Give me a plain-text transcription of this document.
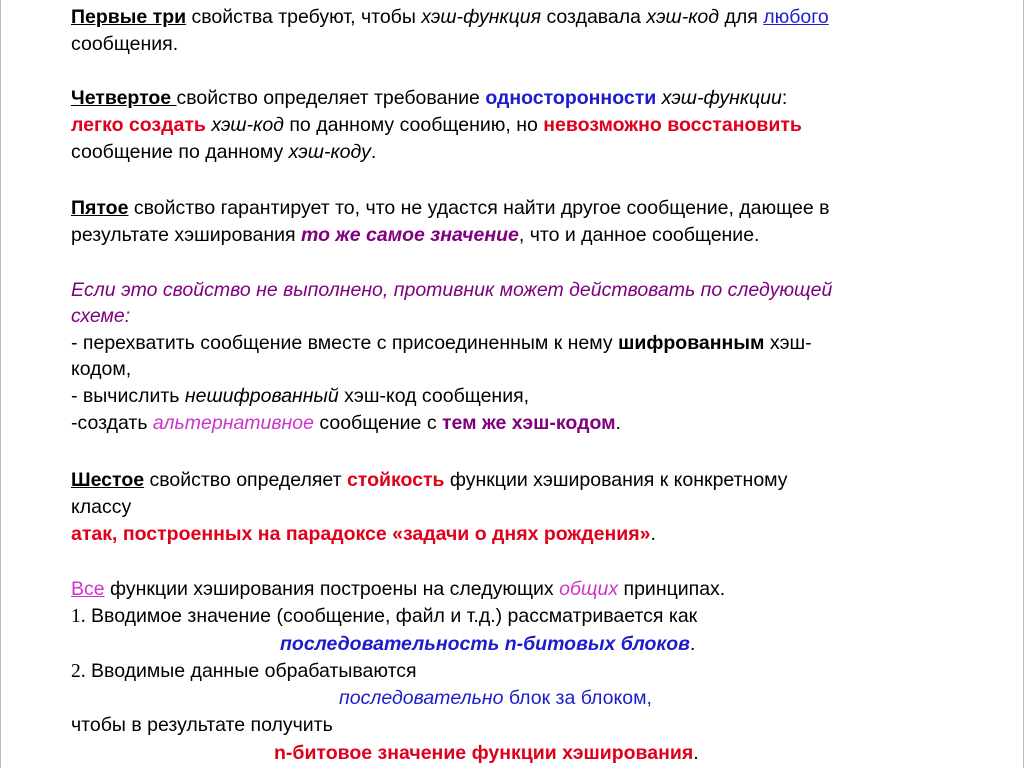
Первые три свойства требуют, чтобы хэш-функция создавала хэш-код для любого
сообщения.
Четвертое свойство определяет требование односторонности хэш-функции:
легко создать хэш-код по данному сообщению, но невозможно восстановить
сообщение по данному хэш-коду.
Пятое свойство гарантирует то, что не удастся найти другое сообщение, дающее в
результате хэширования то же самое значение, что и данное сообщение.
Если это свойство не выполнено, противник может действовать по следующей
схеме:
- перехватить сообщение вместе с присоединенным к нему шифрованным хэш-
кодом,
- вычислить нешифрованный хэш-код сообщения,
-создать альтернативное сообщение с тем же хэш-кодом.
Шестое свойство определяет стойкость функции хэширования к конкретному
классу
атак, построенных на парадоксе «задачи о днях рождения».
Все функции хэширования построены на следующих общих принципах.
1. Вводимое значение (сообщение, файл и т.д.) рассматривается как
последовательность n-битовых блоков.
2. Вводимые данные обрабатываются
последовательно блок за блоком,
чтобы в результате получить
n-битовое значение функции хэширования.
